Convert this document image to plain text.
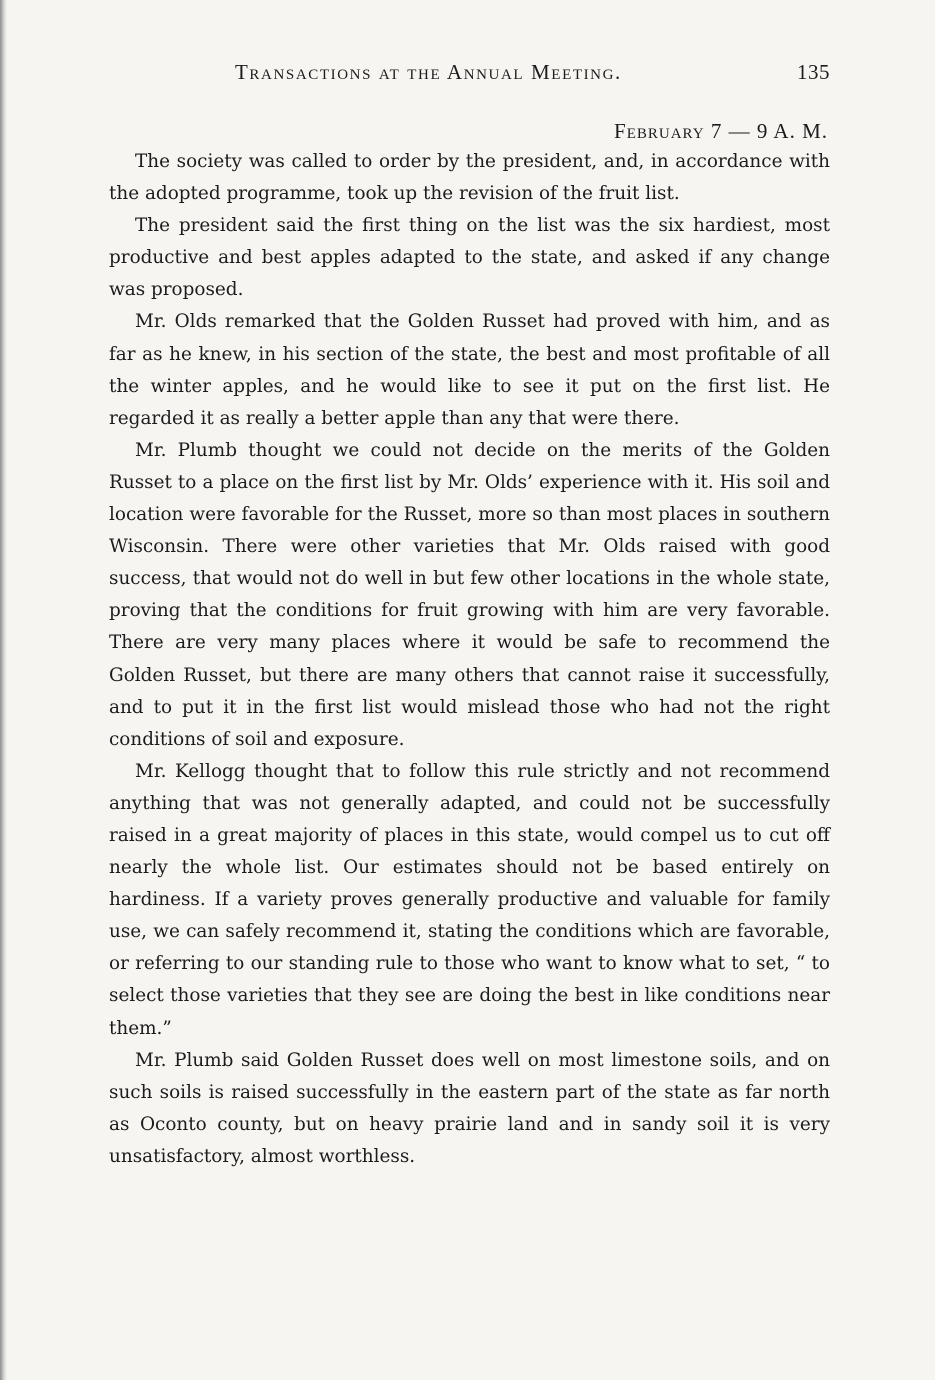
Transactions at the Annual Meeting.	135
February 7 — 9 A. M.

The society was called to order by the president, and, in accordance with the adopted programme, took up the revision of the fruit list.

The president said the first thing on the list was the six hardiest, most productive and best apples adapted to the state, and asked if any change was proposed.

Mr. Olds remarked that the Golden Russet had proved with him, and as far as he knew, in his section of the state, the best and most profitable of all the winter apples, and he would like to see it put on the first list. He regarded it as really a better apple than any that were there.

Mr. Plumb thought we could not decide on the merits of the Golden Russet to a place on the first list by Mr. Olds’ experience with it. His soil and location were favorable for the Russet, more so than most places in southern Wisconsin. There were other varieties that Mr. Olds raised with good success, that would not do well in but few other locations in the whole state, proving that the conditions for fruit growing with him are very favorable. There are very many places where it would be safe to recommend the Golden Russet, but there are many others that cannot raise it successfully, and to put it in the first list would mislead those who had not the right conditions of soil and exposure.

Mr. Kellogg thought that to follow this rule strictly and not recommend anything that was not generally adapted, and could not be successfully raised in a great majority of places in this state, would compel us to cut off nearly the whole list. Our estimates should not be based entirely on hardiness. If a variety proves generally productive and valuable for family use, we can safely recommend it, stating the conditions which are favorable, or referring to our standing rule to those who want to know what to set, “ to select those varieties that they see are doing the best in like conditions near them.”

Mr. Plumb said Golden Russet does well on most limestone soils, and on such soils is raised successfully in the eastern part of the state as far north as Oconto county, but on heavy prairie land and in sandy soil it is very unsatisfactory, almost worthless.
